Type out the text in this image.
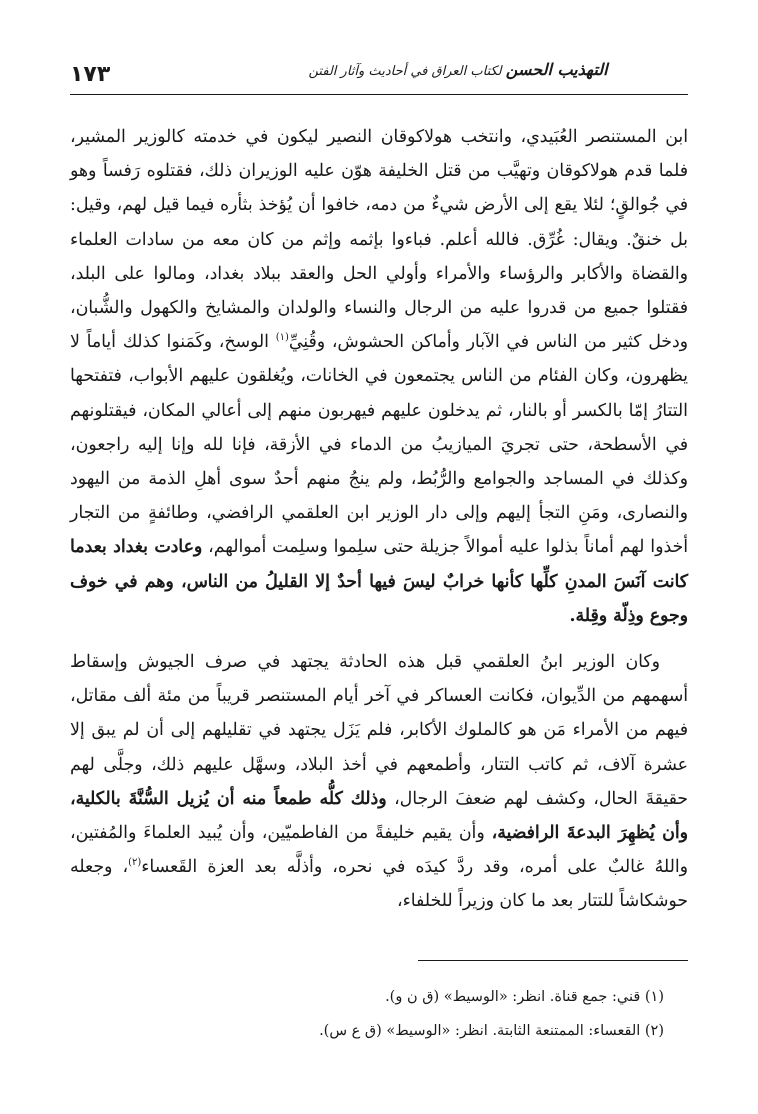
١٧٣	التهذيب الحسن لكتاب العراق في أحاديث وآثار الفتن

ابن المستنصر العُبَيدي، وانتخب هولاكوقان النصير ليكون في خدمته كالوزير المشير، فلما قدم هولاكوقان وتهيَّب من قتل الخليفة هوّن عليه الوزيران ذلك، فقتلوه رَفساً وهو في جُوالقٍ؛ لئلا يقع إلى الأرض شيءٌ من دمه، خافوا أن يُؤخذ بثأره فيما قيل لهم، وقيل: بل خنقٌ. ويقال: غُرِّق. فالله أعلم. فباءوا بإثمه وإثم من كان معه من سادات العلماء والقضاة والأكابر والرؤساء والأمراء وأولي الحل والعقد ببلاد بغداد، ومالوا على البلد، فقتلوا جميع من قدروا عليه من الرجال والنساء والولدان والمشايخ والكهول والشُّبان، ودخل كثير من الناس في الآبار وأماكن الحشوش، وقُنِيِّ$^{(١)}$ الوسخ، وكَمَنوا كذلك أياماً لا يظهرون، وكان الفئام من الناس يجتمعون في الخانات، ويُغلقون عليهم الأبواب، فتفتحها التتارُ إمّا بالكسر أو بالنار، ثم يدخلون عليهم فيهربون منهم إلى أعالي المكان، فيقتلونهم في الأسطحة، حتى تجريَ الميازيبُ من الدماء في الأزقة، فإنا لله وإنا إليه راجعون، وكذلك في المساجد والجوامع والرُّبُط، ولم ينجُ منهم أحدٌ سوى أهلِ الذمة من اليهود والنصارى، ومَنِ التجأ إليهم وإلى دار الوزير ابن العلقمي الرافضي، وطائفةٍ من التجار أخذوا لهم أماناً بذلوا عليه أموالاً جزيلة حتى سلِموا وسلِمت أموالهم، وعادت بغداد بعدما كانت آنَسَ المدنِ كلِّها كأنها خرابٌ ليسَ فيها أحدٌ إلا القليلُ من الناس، وهم في خوف وجوع وذِلّة وقِلة.

وكان الوزير ابنُ العلقمي قبل هذه الحادثة يجتهد في صرف الجيوش وإسقاط أسهمهم من الدِّيوان، فكانت العساكر في آخر أيام المستنصر قريباً من مئة ألف مقاتل، فيهم من الأمراء مَن هو كالملوك الأكابر، فلم يَزَل يجتهد في تقليلهم إلى أن لم يبق إلا عشرة آلاف، ثم كاتب التتار، وأطمعهم في أخذ البلاد، وسهَّل عليهم ذلك، وجلَّى لهم حقيقةَ الحال، وكشف لهم ضعفَ الرجال، وذلك كلُّه طمعاً منه أن يُزيل السُّنَّةَ بالكلية، وأن يُظهِرَ البدعةَ الرافضية، وأن يقيم خليفةً من الفاطميّين، وأن يُبيد العلماءَ والمُفتين، واللهُ غالبٌ على أمره، وقد ردَّ كيدَه في نحره، وأذلَّه بعد العزة القَعساء$^{(٢)}$، وجعله حوشكاشاً للتتار بعد ما كان وزيراً للخلفاء،

(١) قني: جمع قناة. انظر: «الوسيط» (ق ن و).
(٢) القعساء: الممتنعة الثابتة. انظر: «الوسيط» (ق ع س).
